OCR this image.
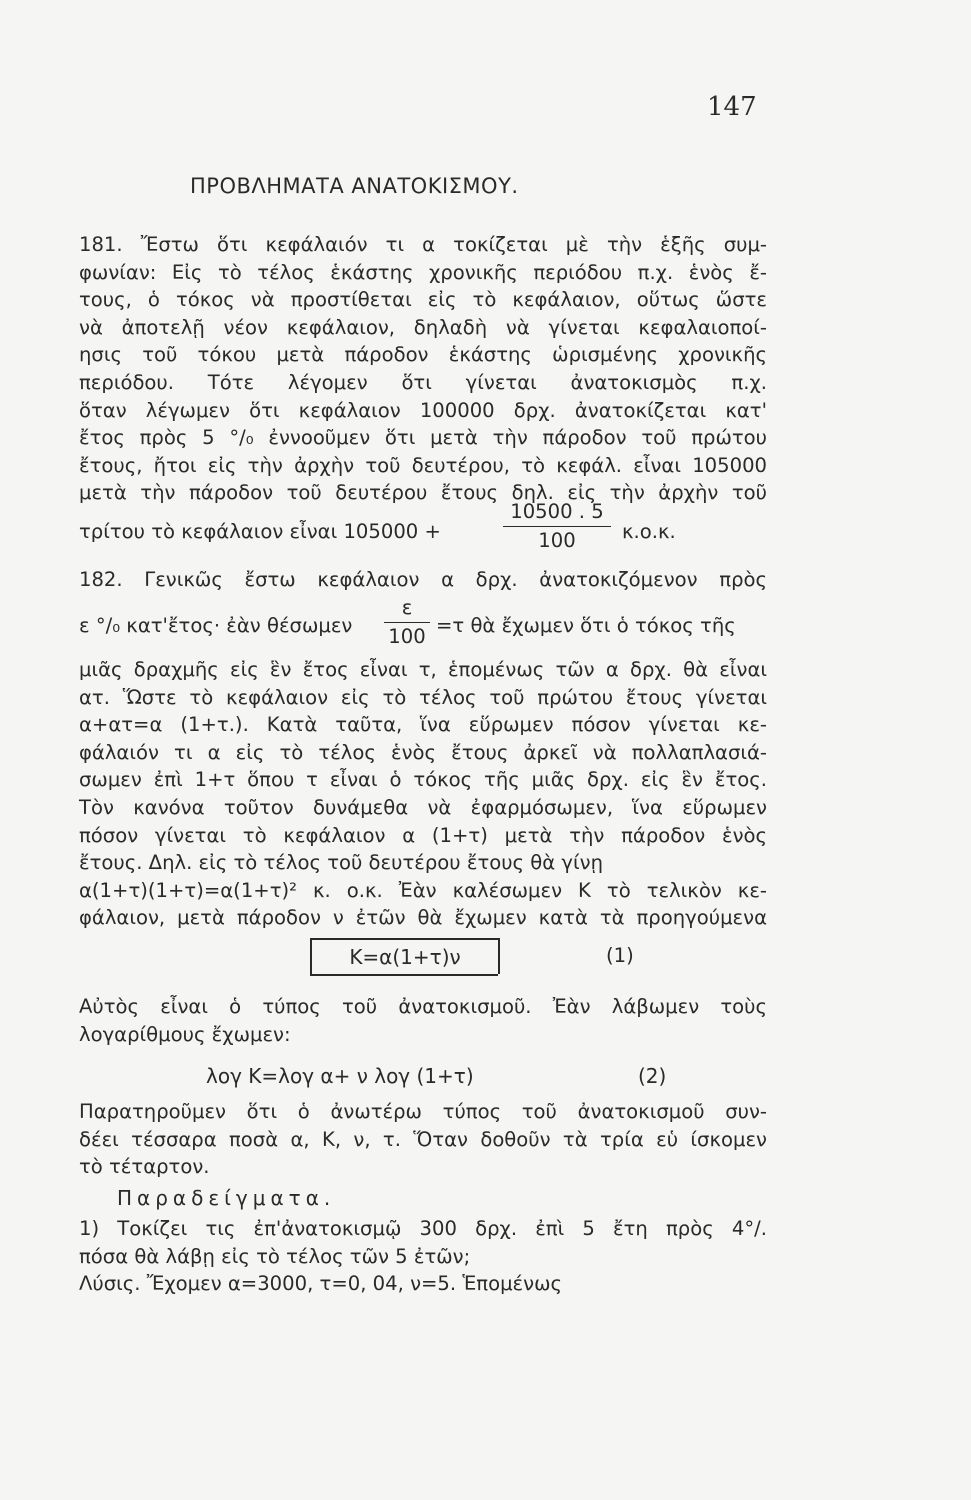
147
ΠΡΟΒΛΗΜΑΤΑ ΑΝΑΤΟΚΙΣΜΟΥ.
181. Ἔστω ὅτι κεφάλαιόν τι α τοκίζεται μὲ τὴν ἑξῆς συμ-
φωνίαν: Εἰς τὸ τέλος ἑκάστης χρονικῆς περιόδου π.χ. ἑνὸς ἔ-
τους, ὁ τόκος νὰ προστίθεται εἰς τὸ κεφάλαιον, οὕτως ὥστε
νὰ ἀποτελῇ νέον κεφάλαιον, δηλαδὴ νὰ γίνεται κεφαλαιοποί-
ησις τοῦ τόκου μετὰ πάροδον ἑκάστης ὡρισμένης χρονικῆς
περιόδου. Τότε λέγομεν ὅτι γίνεται ἀνατοκισμὸς π.χ.
ὅταν λέγωμεν ὅτι κεφάλαιον 100000 δρχ. ἀνατοκίζεται κατ'
ἔτος πρὸς 5 °/₀ ἐννοοῦμεν ὅτι μετὰ τὴν πάροδον τοῦ πρώτου
ἔτους, ἤτοι εἰς τὴν ἀρχὴν τοῦ δευτέρου, τὸ κεφάλ. εἶναι 105000
μετὰ τὴν πάροδον τοῦ δευτέρου ἔτους δηλ. εἰς τὴν ἀρχὴν τοῦ
τρίτου τὸ κεφάλαιον εἶναι 105000 +
10500 . 5
100	κ.ο.κ.
182. Γενικῶς ἔστω κεφάλαιον α δρχ. ἀνατοκιζόμενον πρὸς
ε °/₀ κατ'ἔτος· ἐὰν θέσωμεν
ε
100 =τ θὰ ἔχωμεν ὅτι ὁ τόκος τῆς
μιᾶς δραχμῆς εἰς ἓν ἔτος εἶναι τ, ἑπομένως τῶν α δρχ. θὰ εἶναι
ατ. Ὥστε τὸ κεφάλαιον εἰς τὸ τέλος τοῦ πρώτου ἔτους γίνεται
α+ατ=α (1+τ.). Κατὰ ταῦτα, ἵνα εὕρωμεν πόσον γίνεται κε-
φάλαιόν τι α εἰς τὸ τέλος ἑνὸς ἔτους ἀρκεῖ νὰ πολλαπλασιά-
σωμεν ἐπὶ 1+τ ὅπου τ εἶναι ὁ τόκος τῆς μιᾶς δρχ. εἰς ἓν ἔτος.
Τὸν κανόνα τοῦτον δυνάμεθα νὰ ἐφαρμόσωμεν, ἵνα εὕρωμεν
πόσον γίνεται τὸ κεφάλαιον α (1+τ) μετὰ τὴν πάροδον ἑνὸς
ἔτους. Δηλ. εἰς τὸ τέλος τοῦ δευτέρου ἔτους θὰ γίνῃ
α(1+τ)(1+τ)=α(1+τ)² κ. ο.κ. Ἐὰν καλέσωμεν Κ τὸ τελικὸν κε-
φάλαιον, μετὰ πάροδον ν ἐτῶν θὰ ἔχωμεν κατὰ τὰ προηγούμενα
K=α(1+τ)ν	(1)
Αὐτὸς εἶναι ὁ τύπος τοῦ ἀνατοκισμοῦ. Ἐὰν λάβωμεν τοὺς
λογαρίθμους ἔχωμεν:
λογ K=λογ α+ ν λογ (1+τ)	(2)
Παρατηροῦμεν ὅτι ὁ ἀνωτέρω τύπος τοῦ ἀνατοκισμοῦ συν-
δέει τέσσαρα ποσὰ α, Κ, ν, τ. Ὅταν δοθοῦν τὰ τρία εὑ ίσκομεν
τὸ τέταρτον.
Παραδείγματα.
1) Τοκίζει τις ἐπ'ἀνατοκισμῷ 300 δρχ. ἐπὶ 5 ἔτη πρὸς 4°/.
πόσα θὰ λάβῃ εἰς τὸ τέλος τῶν 5 ἐτῶν;
Λύσις. Ἔχομεν α=3000, τ=0, 04, ν=5. Ἑπομένως
